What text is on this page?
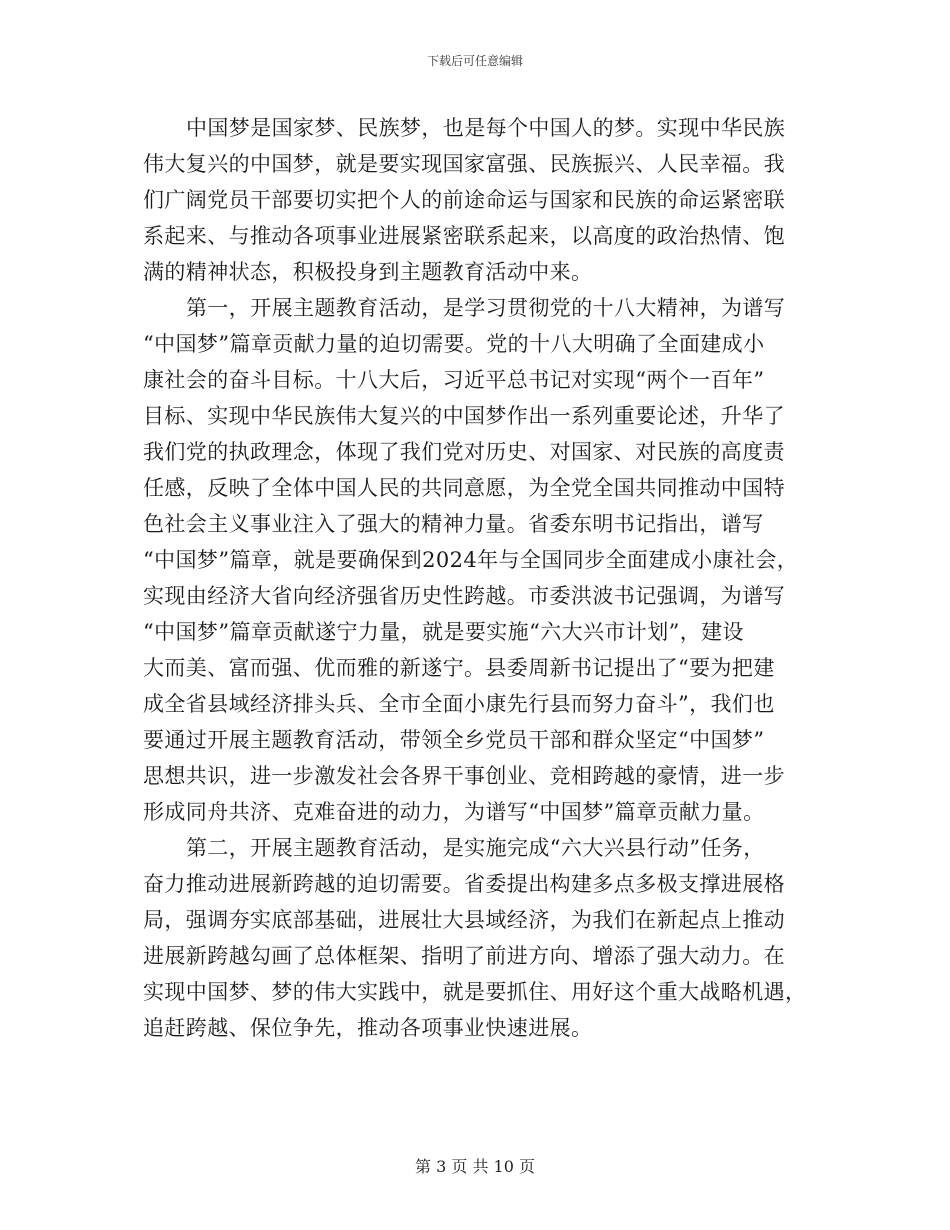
下载后可任意编辑
中国梦是国家梦、民族梦，也是每个中国人的梦。实现中华民族
伟大复兴的中国梦，就是要实现国家富强、民族振兴、人民幸福。我
们广阔党员干部要切实把个人的前途命运与国家和民族的命运紧密联
系起来、与推动各项事业进展紧密联系起来，以高度的政治热情、饱
满的精神状态，积极投身到主题教育活动中来。
第一，开展主题教育活动，是学习贯彻党的十八大精神，为谱写
“中国梦”篇章贡献力量的迫切需要。党的十八大明确了全面建成小
康社会的奋斗目标。十八大后，习近平总书记对实现“两个一百年”
目标、实现中华民族伟大复兴的中国梦作出一系列重要论述，升华了
我们党的执政理念，体现了我们党对历史、对国家、对民族的高度责
任感，反映了全体中国人民的共同意愿，为全党全国共同推动中国特
色社会主义事业注入了强大的精神力量。省委东明书记指出，谱写
“中国梦”篇章，就是要确保到2024年与全国同步全面建成小康社会，
实现由经济大省向经济强省历史性跨越。市委洪波书记强调，为谱写
“中国梦”篇章贡献遂宁力量，就是要实施“六大兴市计划”，建设
大而美、富而强、优而雅的新遂宁。县委周新书记提出了“要为把建
成全省县域经济排头兵、全市全面小康先行县而努力奋斗”，我们也
要通过开展主题教育活动，带领全乡党员干部和群众坚定“中国梦”
思想共识，进一步激发社会各界干事创业、竞相跨越的豪情，进一步
形成同舟共济、克难奋进的动力，为谱写“中国梦”篇章贡献力量。
第二，开展主题教育活动，是实施完成“六大兴县行动”任务，
奋力推动进展新跨越的迫切需要。省委提出构建多点多极支撑进展格
局，强调夯实底部基础，进展壮大县域经济，为我们在新起点上推动
进展新跨越勾画了总体框架、指明了前进方向、增添了强大动力。在
实现中国梦、梦的伟大实践中，就是要抓住、用好这个重大战略机遇，
追赶跨越、保位争先，推动各项事业快速进展。
第 3 页 共 10 页
